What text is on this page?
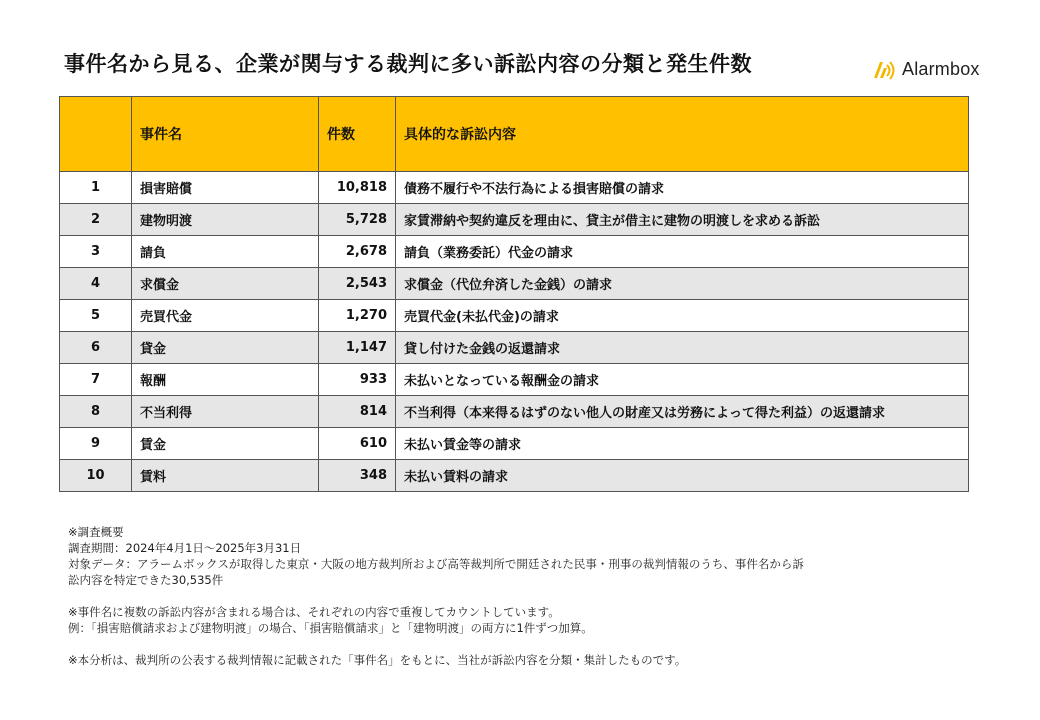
事件名から見る、企業が関与する裁判に多い訴訟内容の分類と発生件数	Alarmbox
	事件名	件数	具体的な訴訟内容
1	損害賠償	10,818	債務不履行や不法行為による損害賠償の請求
2	建物明渡	5,728	家賃滞納や契約違反を理由に、貸主が借主に建物の明渡しを求める訴訟
3	請負	2,678	請負（業務委託）代金の請求
4	求償金	2,543	求償金（代位弁済した金銭）の請求
5	売買代金	1,270	売買代金(未払代金)の請求
6	貸金	1,147	貸し付けた金銭の返還請求
7	報酬	933	未払いとなっている報酬金の請求
8	不当利得	814	不当利得（本来得るはずのない他人の財産又は労務によって得た利益）の返還請求
9	賃金	610	未払い賃金等の請求
10	賃料	348	未払い賃料の請求

※調査概要

調査期間：2024年4月1日〜2025年3月31日

対象データ：アラームボックスが取得した東京・大阪の地方裁判所および高等裁判所で開廷された民事・刑事の裁判情報のうち、事件名から訴

訟内容を特定できた30,535件

※事件名に複数の訴訟内容が含まれる場合は、それぞれの内容で重複してカウントしています。

例：「損害賠償請求および建物明渡」の場合、「損害賠償請求」と「建物明渡」の両方に1件ずつ加算。

※本分析は、裁判所の公表する裁判情報に記載された「事件名」をもとに、当社が訴訟内容を分類・集計したものです。
